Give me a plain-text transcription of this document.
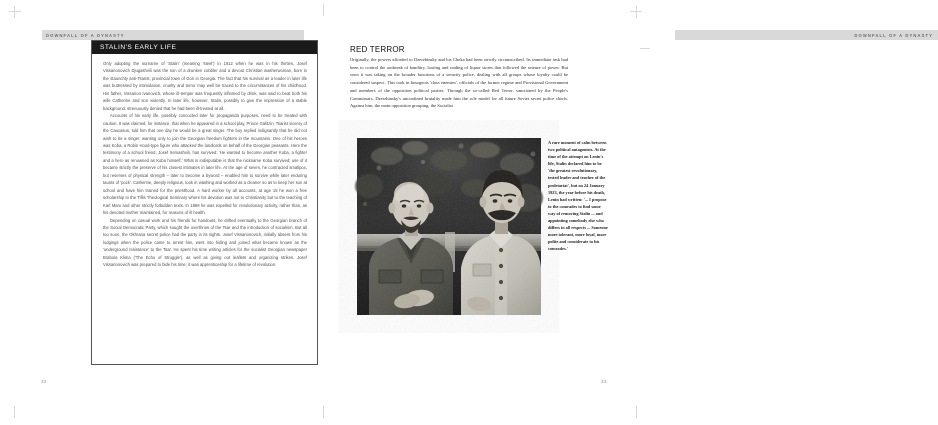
DOWNFALL OF A DYNASTY
STALIN'S EARLY LIFE

Only adopting the surname of 'Stalin' (meaning 'steel') in 1912 when he was in his thirties, Josef Vissarionovich Djugashvili was the son of a drunken cobbler and a devout Christian washerwoman, born in the staunchly anti-Tsarist, provincial town of Gori in Georgia. The fact that his survival as a leader in later life was buttressed by intimidation, cruelty and terror may well be traced to the circumstances of his childhood. His father, Vissarion Ivanovich, whose ill-temper was frequently inflamed by drink, was said to beat both his wife Catherine and son violently. In later life, however, Stalin, possibly to give the impression of a stable background, strenuously denied that he had been ill-treated at all.

Accounts of his early life, possibly concocted later for propaganda purposes, need to be treated with caution. It was claimed, for instance, that when he appeared in a school play, Prince Galitzin, Tsarist viceroy of the Caucasus, told him that one day he would be a great singer. The boy replied indignantly that he did not wish to be a singer, wanting only to join the Georgian freedom fighters in the mountains. One of his heroes was Koba, a Robin Hood-type figure who attacked the landlords on behalf of the Georgian peasants. Here the testimony of a school friend, Josef Iremashvili, has survived: 'He wanted to become another Koba, a fighter and a hero as renowned as Koba himself.' What is indisputable is that the nickname Koba survived; use of it became strictly the preserve of his closest intimates in later life. At the age of seven, he contracted smallpox, but reserves of physical strength – later to become a byword – enabled him to survive while later enduring taunts of 'pock'. Catherine, deeply religious, took in washing and worked as a cleaner so as to keep her son at school and have him trained for the priesthood. A hard worker by all accounts, at age 15 he won a free scholarship to the Tiflis Theological Seminary where his devotion was not to Christianity but to the teaching of Karl Marx and other strictly forbidden texts. In 1899 he was expelled for revolutionary activity, rather than, as his devoted mother maintained, for reasons of ill health.

Depending on casual work and his friends for handouts, he drifted eventually to the Georgian branch of the Social Democratic Party, which sought the overthrow of the Tsar and the introduction of socialism. But all too soon, the Okhrana secret police had the party in its sights. Josef Vissarionovich, initially absent from his lodgings when the police came to arrest him, went into hiding and joined what became known as the 'underground resistance' to the Tsar. He spent his time writing articles for the socialist Georgian newspaper Brabola Klima ('The Echo of Struggle'), as well as giving out leaflets and organizing strikes. Josef Vissarionovich was prepared to bide his time; it was apprenticeship for a lifetime of revolution.

32
DOWNFALL OF A DYNASTY
RED TERROR

Originally, the powers afforded to Dzerzhinsky and his Cheka had been strictly circumscribed. Its immediate task had been to control the outbreak of banditry, looting and raiding of liquor stores that followed the seizure of power. But soon it was taking on the broader functions of a security police, dealing with all groups whose loyalty could be considered suspect. This took in bourgeois 'class enemies', officials of the former regime and Provisional Government and members of the opposition political parties. Through the so-called Red Terror, sanctioned by the People's Commissars, Dzerzhinsky's unconfined brutality made him the role model for all future Soviet secret police chiefs. Against him, the main opposition grouping, the Socialist

A rare moment of calm between two political antagonists. At the time of the attempt on Lenin's life, Stalin declared him to be 'the greatest revolutionary, tested leader and teacher of the proletariat', but on 24 January 1923, the year before his death, Lenin had written: '... I propose to the comrades to find some way of removing Stalin ... and appointing somebody else who differs in all respects ... Someone more tolerant, more loyal, more polite and considerate to his comrades.'

33
